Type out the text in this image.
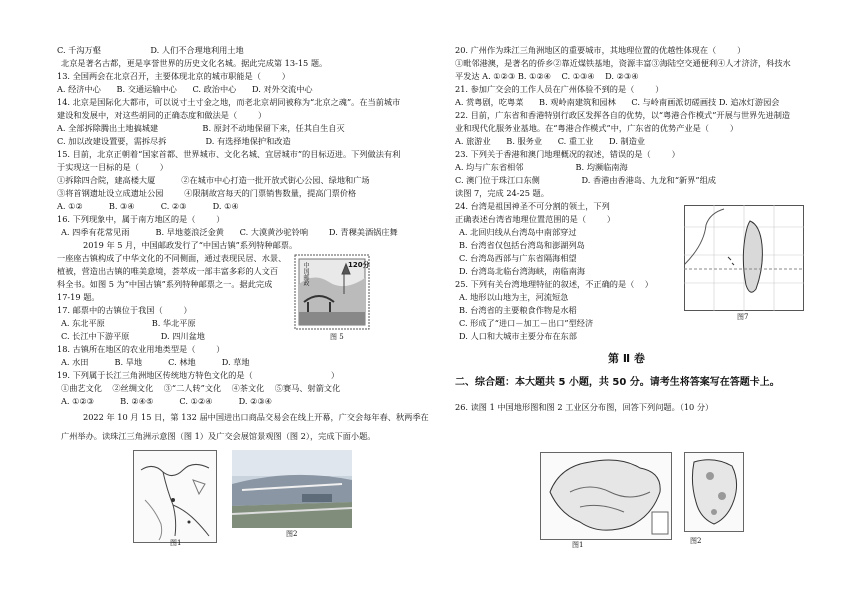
C. 千沟万壑                   D. 人们不合理地利用土地
北京是著名古都，更是享誉世界的历史文化名城。据此完成第 13-15 题。
13. 全国两会在北京召开，主要体现北京的城市职能是（        ）
A. 经济中心      B. 交通运输中心      C. 政治中心      D. 对外交流中心
14. 北京是国际化大都市，可以说寸土寸金之地，而老北京胡同被称为“北京之魂”。在当前城市
建设和发展中，对这些胡同的正确态度和做法是（        ）
A. 全部拆除腾出土地搞城建                 B. 原封不动地保留下来，任其自生自灭
C. 加以改建设置要，需拆尽拆               D. 有选择地保护和改造
15. 目前，北京正朝着“国家首都、世界城市、文化名城、宜居城市”的目标迈进。下列做法有利
于实现这一目标的是（        ）
①拆除四合院，建高楼大厦          ②在城市中心打造一批开放式街心公园、绿地和广场
③将首钢遗址设立成遗址公园        ④限制故宫每天的门票销售数量，提高门票价格
A. ①②          B. ③④          C. ②③          D. ①④
16. 下列现象中，属于南方地区的是（        ）
A. 四季有花常见雨          B. 早地菱浪泛金黄      C. 大漠黄沙驼铃响        D. 青稞美酒锅庄舞
2019 年 5 月，中国邮政发行了“中国古镇”系列特种邮票。
一座座古镇构成了中华文化的不同侧面，通过表现民居、水景、
植被，营造出古镇的唯美意境，荟萃成一部丰富多彩的人文百
科全书。如图 5 为“中国古镇”系列特种邮票之一。据此完成
17-19 题。
17. 邮票中的古镇位于我国（        ）
A. 东北平原                  B. 华北平原
C. 长江中下游平原            D. 四川盆地
18. 古镇所在地区的农业用地类型是（        ）
A. 水田          B. 旱地          C. 林地          D. 草地
19. 下列属于长江三角洲地区传统地方特色文化的是（                              ）
①曲艺文化    ②丝绸文化    ③“二人转”文化    ④茶文化    ⑤赛马、射箭文化
A. ①②③          B. ②④⑤          C. ①②④          D. ②③④
2022 年 10 月 15 日，第 132 届中国进出口商品交易会在线上开幕，广交会每年春、秋两季在
广州举办。读珠江三角洲示意图（图 1）及广交会展馆景观图（图 2），完成下面小题。
120分
中国邮政
图 5
图1
图2
20. 广州作为珠江三角洲地区的重要城市，其地理位置的优越性体现在（        ）
①毗邻港澳，是著名的侨乡②靠近煤铁基地，资源丰富③海陆空交通便利④人才济济，科技水
平发达 A. ①②③ B. ①②④    C. ①③④    D. ②③④
21. 参加广交会的工作人员在广州体验不到的是（        ）
A. 赏粤剧，吃粤菜      B. 观岭南建筑和园林      C. 与岭南画派切磋画技 D. 追冰灯游园会
22. 目前，广东省和香港特别行政区发挥各自的优势，以“粤港合作模式”开展与世界先进制造
业和现代化服务业基地。在“粤港合作模式”中，广东省的优势产业是（        ）
A. 旅游业      B. 服务业      C. 重工业      D. 制造业
23. 下列关于香港和澳门地理概况的叙述，错误的是（        ）
A. 均与广东省相邻                    B. 均濒临南海
C. 澳门位于珠江口东侧                D. 香港由香港岛、九龙和“新界”组成
读图 7，完成 24-25 题。
24. 台湾是祖国神圣不可分割的领土，下列
正确表述台湾省地理位置范围的是（        ）
A. 北回归线从台湾岛中南部穿过
B. 台湾省仅包括台湾岛和澎湖列岛
C. 台湾岛西部与广东省隔海相望
D. 台湾岛北临台湾海峡，南临南海
25. 下列有关台湾地理特征的叙述，不正确的是（    ）
A. 地形以山地为主，河流短急
B. 台湾省的主要粮食作物是水稻
C. 形成了“进口－加工－出口”型经济
D. 人口和大城市主要分布在东部
图7
第 Ⅱ 卷
二、综合题：本大题共 5 小题，共 50 分。请考生将答案写在答题卡上。
26. 读图 1 中国地形图和图 2 工业区分布图，回答下列问题。（10 分）
图1	图2
